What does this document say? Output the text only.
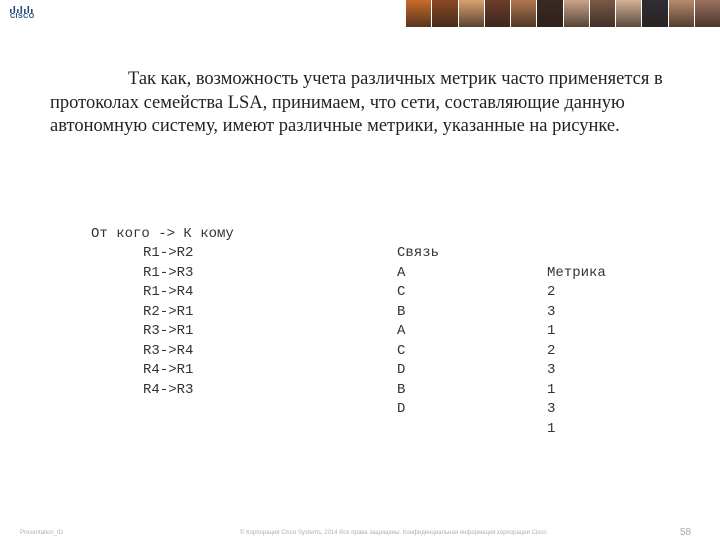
CISCO

Так как, возможность учета различных метрик часто применяется в протоколах семейства LSA, принимаем, что сети, составляющие данную автономную систему, имеют различные метрики, указанные на рисунке.

От кого -> К кому

Связь

Метрика

R1->R2

A

2

R1->R3

C

3

R1->R4

B

1

R2->R1

A

2

R3->R1

C

3

R3->R4

D

1

R4->R1

B

3

R4->R3

D

1

Presentation_ID	© Корпорация Cisco Systems, 2014 Все права защищены. Конфиденциальная информация корпорации Cisco	58
